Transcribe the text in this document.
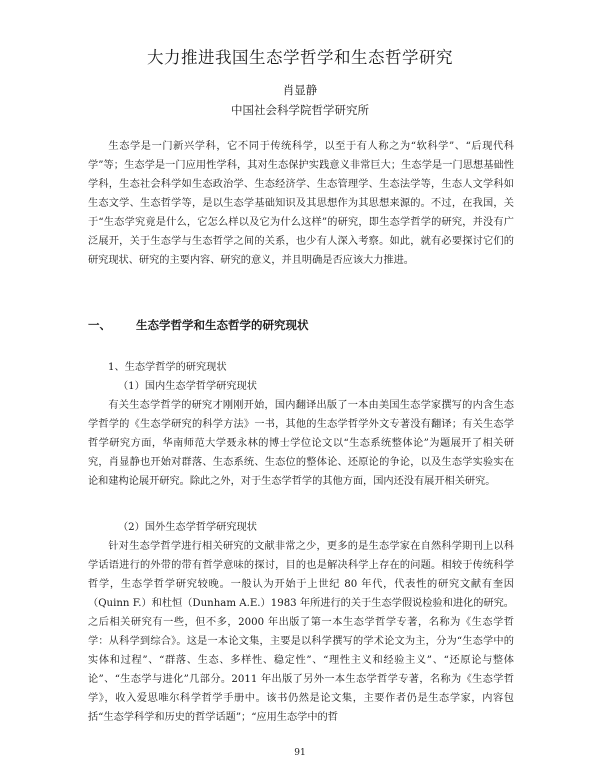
大力推进我国生态学哲学和生态哲学研究
肖显静
中国社会科学院哲学研究所
生态学是一门新兴学科，它不同于传统科学，以至于有人称之为“软科学”、“后现代科学”等；生态学是一门应用性学科，其对生态保护实践意义非常巨大；生态学是一门思想基础性学科，生态社会科学如生态政治学、生态经济学、生态管理学、生态法学等，生态人文学科如生态文学、生态哲学等，是以生态学基础知识及其思想作为其思想来源的。不过，在我国，关于“生态学究竟是什么，它怎么样以及它为什么这样”的研究，即生态学哲学的研究，并没有广泛展开，关于生态学与生态哲学之间的关系，也少有人深入考察。如此，就有必要探讨它们的研究现状、研究的主要内容、研究的意义，并且明确是否应该大力推进。
一、 生态学哲学和生态哲学的研究现状
1、生态学哲学的研究现状
（1）国内生态学哲学研究现状
有关生态学哲学的研究才刚刚开始，国内翻译出版了一本由美国生态学家撰写的内含生态学哲学的《生态学研究的科学方法》一书，其他的生态学哲学外文专著没有翻译；有关生态学哲学研究方面，华南师范大学聂永林的博士学位论文以“生态系统整体论”为题展开了相关研究，肖显静也开始对群落、生态系统、生态位的整体论、还原论的争论，以及生态学实验实在论和建构论展开研究。除此之外，对于生态学哲学的其他方面，国内还没有展开相关研究。
（2）国外生态学哲学研究现状
针对生态学哲学进行相关研究的文献非常之少，更多的是生态学家在自然科学期刊上以科学话语进行的外带的带有哲学意味的探讨，目的也是解决科学上存在的问题。相较于传统科学哲学，生态学哲学研究较晚。一般认为开始于上世纪 80 年代，代表性的研究文献有奎因（Quinn F.）和杜恒（Dunham A.E.）1983 年所进行的关于生态学假说检验和进化的研究。之后相关研究有一些，但不多，2000 年出版了第一本生态学哲学专著，名称为《生态学哲学：从科学到综合》。这是一本论文集，主要是以科学撰写的学术论文为主，分为“生态学中的实体和过程”、“群落、生态、多样性、稳定性”、“理性主义和经验主义”、“还原论与整体论”、“生态学与进化”几部分。2011 年出版了另外一本生态学哲学专著，名称为《生态学哲学》，收入爱思唯尔科学哲学手册中。该书仍然是论文集，主要作者仍是生态学家，内容包括“生态学科学和历史的哲学话题”；“应用生态学中的哲
91
